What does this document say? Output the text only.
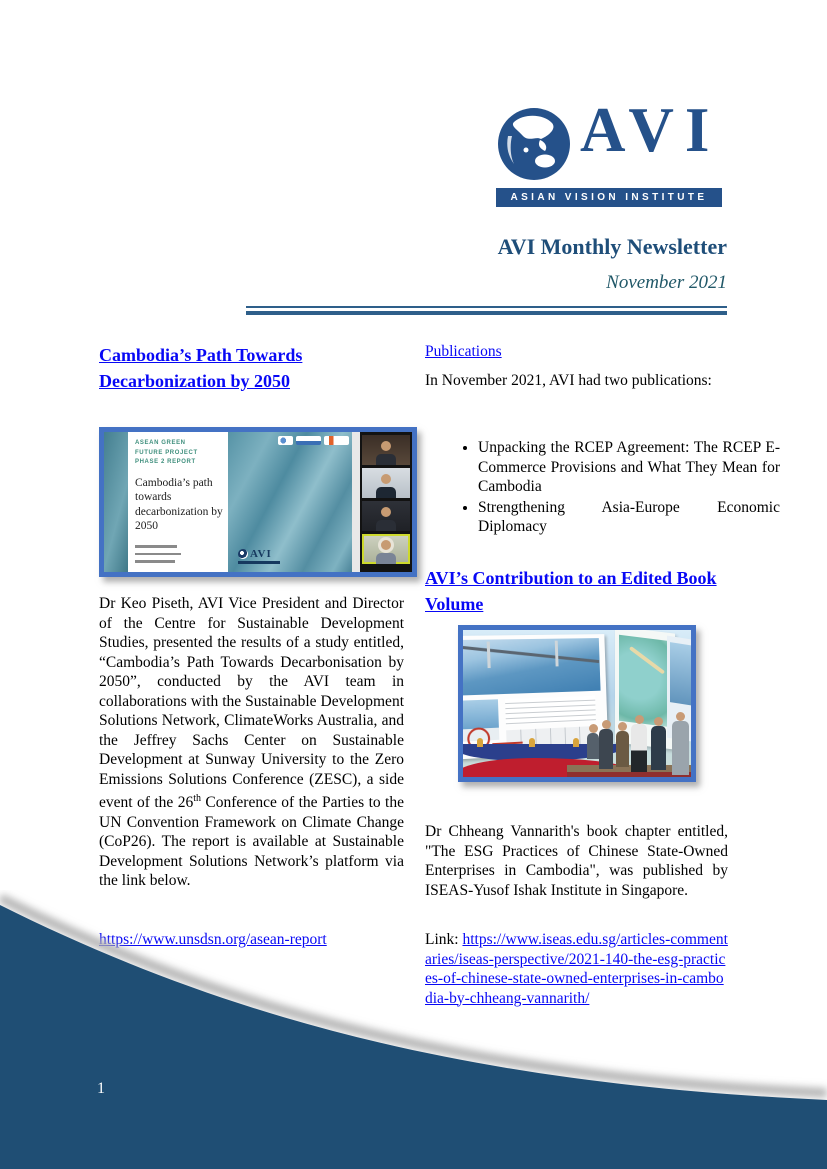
AVI
ASIAN VISION INSTITUTE
AVI Monthly Newsletter
November 2021
Cambodia’s Path Towards Decarbonization by 2050
ASEAN GREEN FUTURE PROJECT PHASE 2 REPORT
Cambodia’s path towards decarbonization by 2050
AVI

Dr Keo Piseth, AVI Vice President and Director of the Centre for Sustainable Development Studies, presented the results of a study entitled, “Cambodia’s Path Towards Decarbonisation by 2050”, conducted by the AVI team in collaborations with the Sustainable Development Solutions Network, ClimateWorks Australia, and the Jeffrey Sachs Center on Sustainable Development at Sunway University to the Zero Emissions Solutions Conference (ZESC), a side event of the 26th Conference of the Parties to the UN Convention Framework on Climate Change (CoP26). The report is available at Sustainable Development Solutions Network’s platform via the link below.

https://www.unsdsn.org/asean-report
Publications
In November 2021, AVI had two publications:
• Unpacking the RCEP Agreement: The RCEP E-Commerce Provisions and What They Mean for Cambodia
• Strengthening Asia-Europe Economic Diplomacy
AVI’s Contribution to an Edited Book Volume

Dr Chheang Vannarith's book chapter entitled, "The ESG Practices of Chinese State-Owned Enterprises in Cambodia", was published by ISEAS-Yusof Ishak Institute in Singapore.

Link: https://www.iseas.edu.sg/articles-commentaries/iseas-perspective/2021-140-the-esg-practices-of-chinese-state-owned-enterprises-in-cambodia-by-chheang-vannarith/
1
